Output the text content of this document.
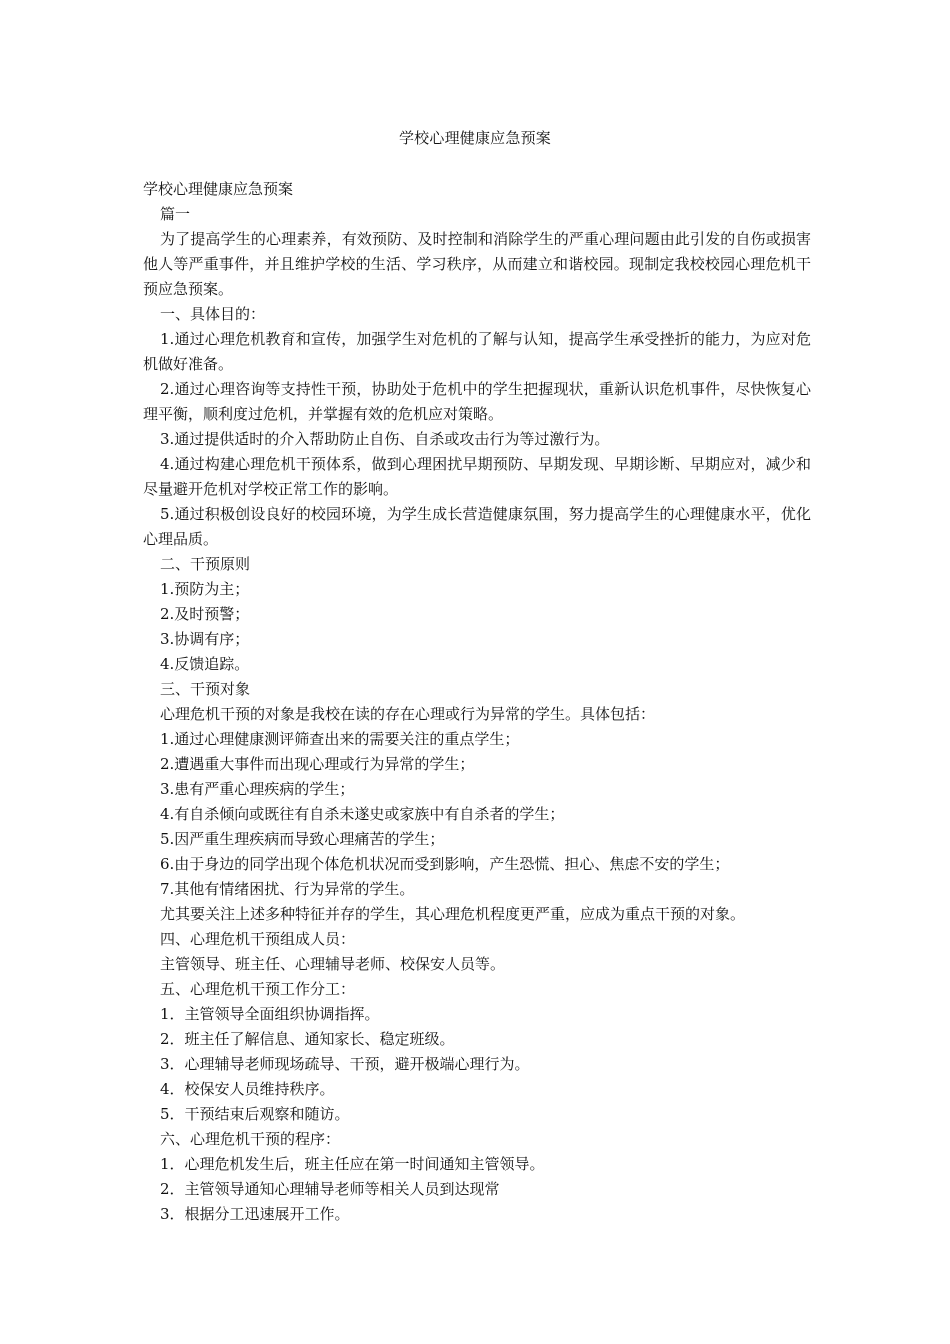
学校心理健康应急预案
学校心理健康应急预案
篇一
为了提高学生的心理素养，有效预防、及时控制和消除学生的严重心理问题由此引发的自伤或损害他人等严重事件，并且维护学校的生活、学习秩序，从而建立和谐校园。现制定我校校园心理危机干预应急预案。
一、具体目的：
1.通过心理危机教育和宣传，加强学生对危机的了解与认知，提高学生承受挫折的能力，为应对危机做好准备。
2.通过心理咨询等支持性干预，协助处于危机中的学生把握现状，重新认识危机事件，尽快恢复心理平衡，顺利度过危机，并掌握有效的危机应对策略。
3.通过提供适时的介入帮助防止自伤、自杀或攻击行为等过激行为。
4.通过构建心理危机干预体系，做到心理困扰早期预防、早期发现、早期诊断、早期应对，减少和尽量避开危机对学校正常工作的影响。
5.通过积极创设良好的校园环境，为学生成长营造健康氛围，努力提高学生的心理健康水平，优化心理品质。
二、干预原则
1.预防为主；
2.及时预警；
3.协调有序；
4.反馈追踪。
三、干预对象
心理危机干预的对象是我校在读的存在心理或行为异常的学生。具体包括：
1.通过心理健康测评筛查出来的需要关注的重点学生；
2.遭遇重大事件而出现心理或行为异常的学生；
3.患有严重心理疾病的学生；
4.有自杀倾向或既往有自杀未遂史或家族中有自杀者的学生；
5.因严重生理疾病而导致心理痛苦的学生；
6.由于身边的同学出现个体危机状况而受到影响，产生恐慌、担心、焦虑不安的学生；
7.其他有情绪困扰、行为异常的学生。
尤其要关注上述多种特征并存的学生，其心理危机程度更严重，应成为重点干预的对象。
四、心理危机干预组成人员：
主管领导、班主任、心理辅导老师、校保安人员等。
五、心理危机干预工作分工：
1．主管领导全面组织协调指挥。
2．班主任了解信息、通知家长、稳定班级。
3．心理辅导老师现场疏导、干预，避开极端心理行为。
4．校保安人员维持秩序。
5．干预结束后观察和随访。
六、心理危机干预的程序：
1．心理危机发生后，班主任应在第一时间通知主管领导。
2．主管领导通知心理辅导老师等相关人员到达现常
3．根据分工迅速展开工作。
